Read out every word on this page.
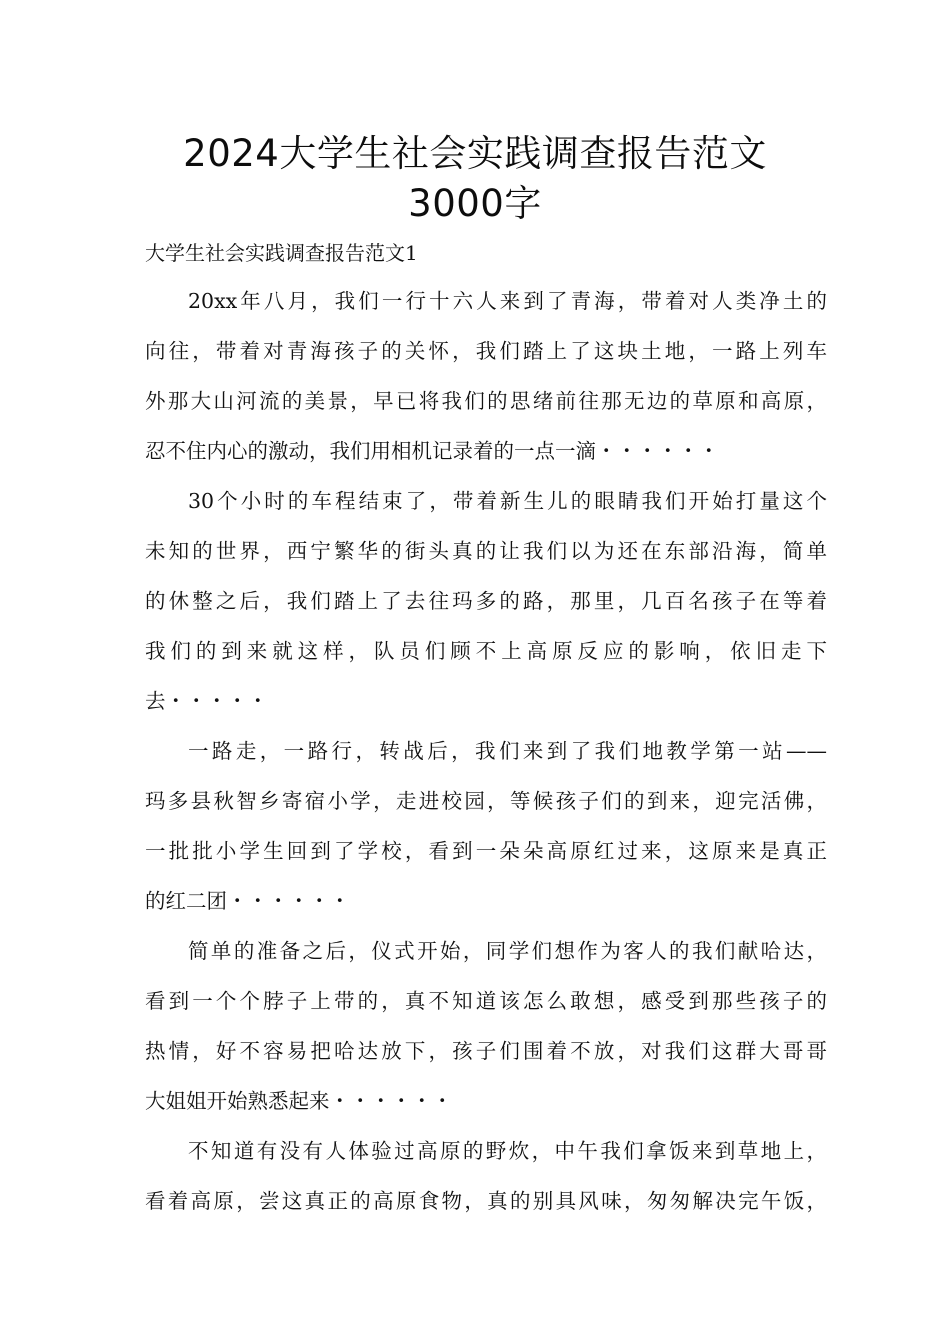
2024大学生社会实践调查报告范文
3000字
大学生社会实践调查报告范文1
20xx年八月，我们一行十六人来到了青海，带着对人类净土的
向往，带着对青海孩子的关怀，我们踏上了这块土地，一路上列车
外那大山河流的美景，早已将我们的思绪前往那无边的草原和高原，
忍不住内心的激动，我们用相机记录着的一点一滴・・・・・・
30个小时的车程结束了，带着新生儿的眼睛我们开始打量这个
未知的世界，西宁繁华的街头真的让我们以为还在东部沿海，简单
的休整之后，我们踏上了去往玛多的路，那里，几百名孩子在等着
我们的到来就这样，队员们顾不上高原反应的影响，依旧走下
去・・・・・
一路走，一路行，转战后，我们来到了我们地教学第一站——
玛多县秋智乡寄宿小学，走进校园，等候孩子们的到来，迎完活佛，
一批批小学生回到了学校，看到一朵朵高原红过来，这原来是真正
的红二团・・・・・・
简单的准备之后，仪式开始，同学们想作为客人的我们献哈达，
看到一个个脖子上带的，真不知道该怎么敢想，感受到那些孩子的
热情，好不容易把哈达放下，孩子们围着不放，对我们这群大哥哥
大姐姐开始熟悉起来・・・・・・
不知道有没有人体验过高原的野炊，中午我们拿饭来到草地上，
看着高原，尝这真正的高原食物，真的别具风味，匆匆解决完午饭，
